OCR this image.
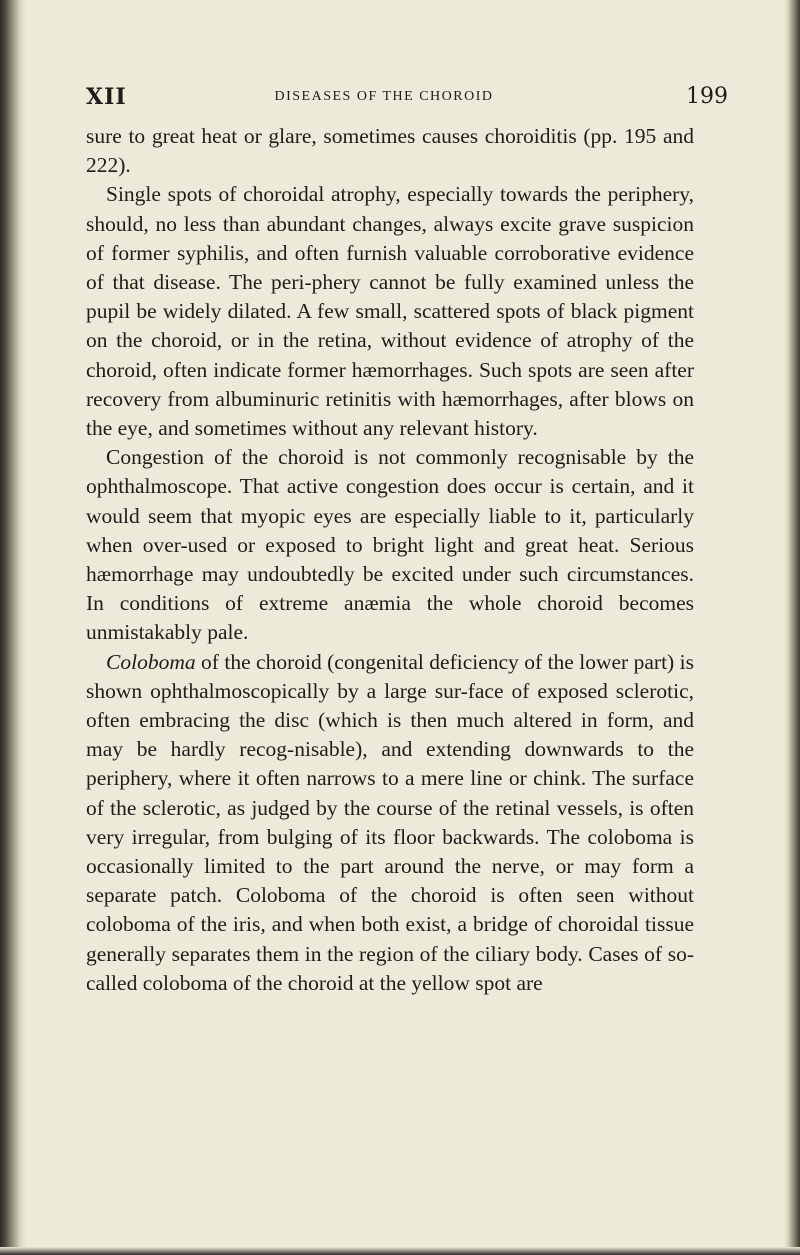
XII	DISEASES OF THE CHOROID	199

sure to great heat or glare, sometimes causes choroiditis (pp. 195 and 222).

Single spots of choroidal atrophy, especially towards the periphery, should, no less than abundant changes, always excite grave suspicion of former syphilis, and often furnish valuable corroborative evidence of that disease. The peri-phery cannot be fully examined unless the pupil be widely dilated. A few small, scattered spots of black pigment on the choroid, or in the retina, without evidence of atrophy of the choroid, often indicate former hæmorrhages. Such spots are seen after recovery from albuminuric retinitis with hæmorrhages, after blows on the eye, and sometimes without any relevant history.

Congestion of the choroid is not commonly recognisable by the ophthalmoscope. That active congestion does occur is certain, and it would seem that myopic eyes are especially liable to it, particularly when over-used or exposed to bright light and great heat. Serious hæmorrhage may undoubtedly be excited under such circumstances. In conditions of extreme anæmia the whole choroid becomes unmistakably pale.

Coloboma of the choroid (congenital deficiency of the lower part) is shown ophthalmoscopically by a large sur-face of exposed sclerotic, often embracing the disc (which is then much altered in form, and may be hardly recog-nisable), and extending downwards to the periphery, where it often narrows to a mere line or chink. The surface of the sclerotic, as judged by the course of the retinal vessels, is often very irregular, from bulging of its floor backwards. The coloboma is occasionally limited to the part around the nerve, or may form a separate patch. Coloboma of the choroid is often seen without coloboma of the iris, and when both exist, a bridge of choroidal tissue generally separates them in the region of the ciliary body. Cases of so-called coloboma of the choroid at the yellow spot are
